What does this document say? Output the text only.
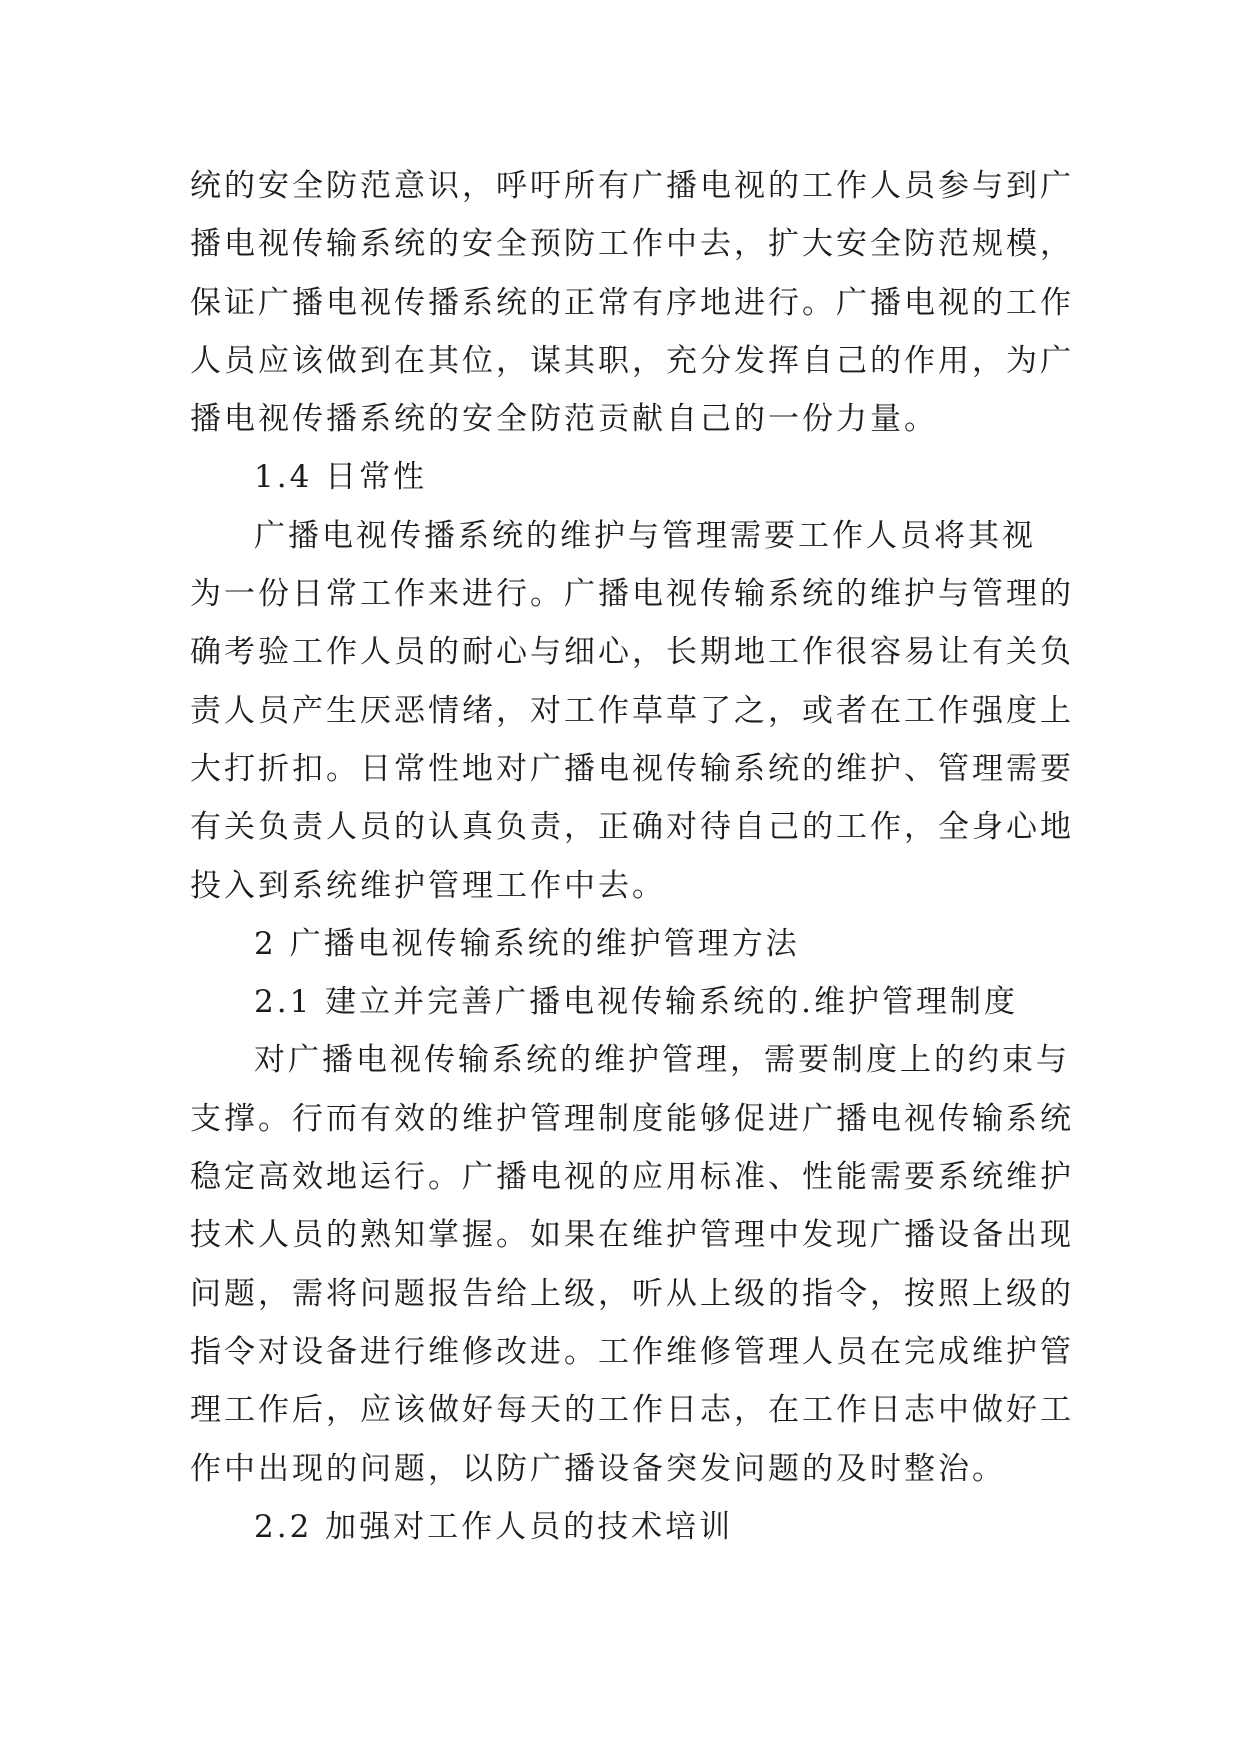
统的安全防范意识，呼吁所有广播电视的工作人员参与到广
播电视传输系统的安全预防工作中去，扩大安全防范规模，
保证广播电视传播系统的正常有序地进行。广播电视的工作
人员应该做到在其位，谋其职，充分发挥自己的作用，为广
播电视传播系统的安全防范贡献自己的一份力量。
1.4 日常性
广播电视传播系统的维护与管理需要工作人员将其视
为一份日常工作来进行。广播电视传输系统的维护与管理的
确考验工作人员的耐心与细心，长期地工作很容易让有关负
责人员产生厌恶情绪，对工作草草了之，或者在工作强度上
大打折扣。日常性地对广播电视传输系统的维护、管理需要
有关负责人员的认真负责，正确对待自己的工作，全身心地
投入到系统维护管理工作中去。
2 广播电视传输系统的维护管理方法
2.1 建立并完善广播电视传输系统的.维护管理制度
对广播电视传输系统的维护管理，需要制度上的约束与
支撑。行而有效的维护管理制度能够促进广播电视传输系统
稳定高效地运行。广播电视的应用标准、性能需要系统维护
技术人员的熟知掌握。如果在维护管理中发现广播设备出现
问题，需将问题报告给上级，听从上级的指令，按照上级的
指令对设备进行维修改进。工作维修管理人员在完成维护管
理工作后，应该做好每天的工作日志，在工作日志中做好工
作中出现的问题，以防广播设备突发问题的及时整治。
2.2 加强对工作人员的技术培训
